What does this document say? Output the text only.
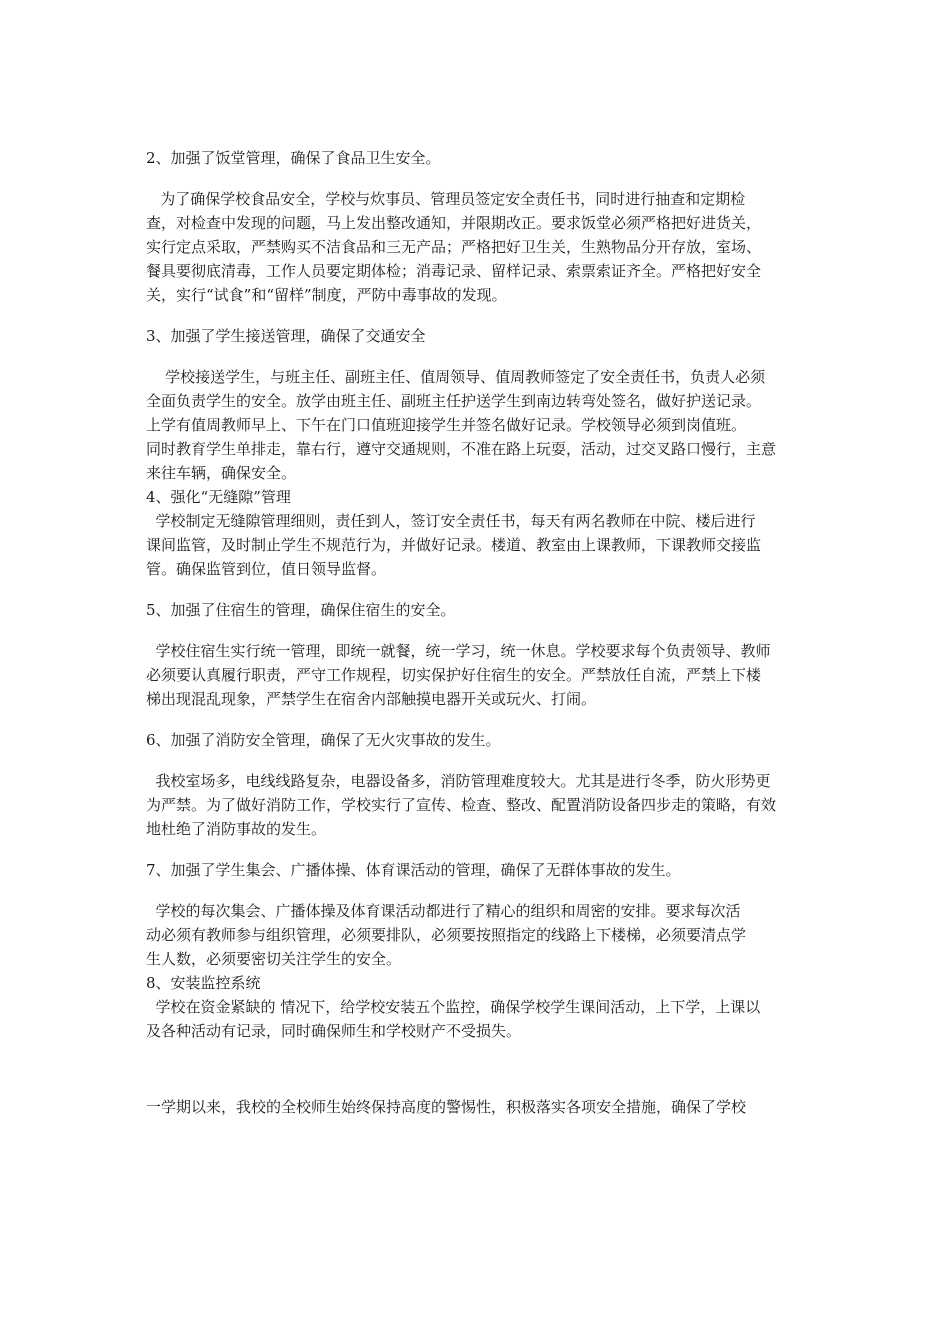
2、加强了饭堂管理，确保了食品卫生安全。
为了确保学校食品安全，学校与炊事员、管理员签定安全责任书，同时进行抽查和定期检
查，对检查中发现的问题，马上发出整改通知，并限期改正。要求饭堂必须严格把好进货关，
实行定点采取，严禁购买不洁食品和三无产品；严格把好卫生关，生熟物品分开存放，室场、
餐具要彻底清毒，工作人员要定期体检；消毒记录、留样记录、索票索证齐全。严格把好安全
关，实行“试食”和“留样”制度，严防中毒事故的发现。
3、加强了学生接送管理，确保了交通安全
学校接送学生，与班主任、副班主任、值周领导、值周教师签定了安全责任书，负责人必须
全面负责学生的安全。放学由班主任、副班主任护送学生到南边转弯处签名，做好护送记录。
上学有值周教师早上、下午在门口值班迎接学生并签名做好记录。学校领导必须到岗值班。
同时教育学生单排走，靠右行，遵守交通规则，不准在路上玩耍，活动，过交叉路口慢行，主意
来往车辆，确保安全。
4、强化“无缝隙”管理
学校制定无缝隙管理细则，责任到人，签订安全责任书，每天有两名教师在中院、楼后进行
课间监管，及时制止学生不规范行为，并做好记录。楼道、教室由上课教师，下课教师交接监
管。确保监管到位，值日领导监督。
5、加强了住宿生的管理，确保住宿生的安全。
学校住宿生实行统一管理，即统一就餐，统一学习，统一休息。学校要求每个负责领导、教师
必须要认真履行职责，严守工作规程，切实保护好住宿生的安全。严禁放任自流，严禁上下楼
梯出现混乱现象，严禁学生在宿舍内部触摸电器开关或玩火、打闹。
6、加强了消防安全管理，确保了无火灾事故的发生。
我校室场多，电线线路复杂，电器设备多，消防管理难度较大。尤其是进行冬季，防火形势更
为严禁。为了做好消防工作，学校实行了宣传、检查、整改、配置消防设备四步走的策略，有效
地杜绝了消防事故的发生。
7、加强了学生集会、广播体操、体育课活动的管理，确保了无群体事故的发生。
学校的每次集会、广播体操及体育课活动都进行了精心的组织和周密的安排。要求每次活
动必须有教师参与组织管理，必须要排队，必须要按照指定的线路上下楼梯，必须要清点学
生人数，必须要密切关注学生的安全。
8、安装监控系统
学校在资金紧缺的 情况下，给学校安装五个监控，确保学校学生课间活动，上下学，上课以
及各种活动有记录，同时确保师生和学校财产不受损失。
一学期以来，我校的全校师生始终保持高度的警惕性，积极落实各项安全措施，确保了学校
